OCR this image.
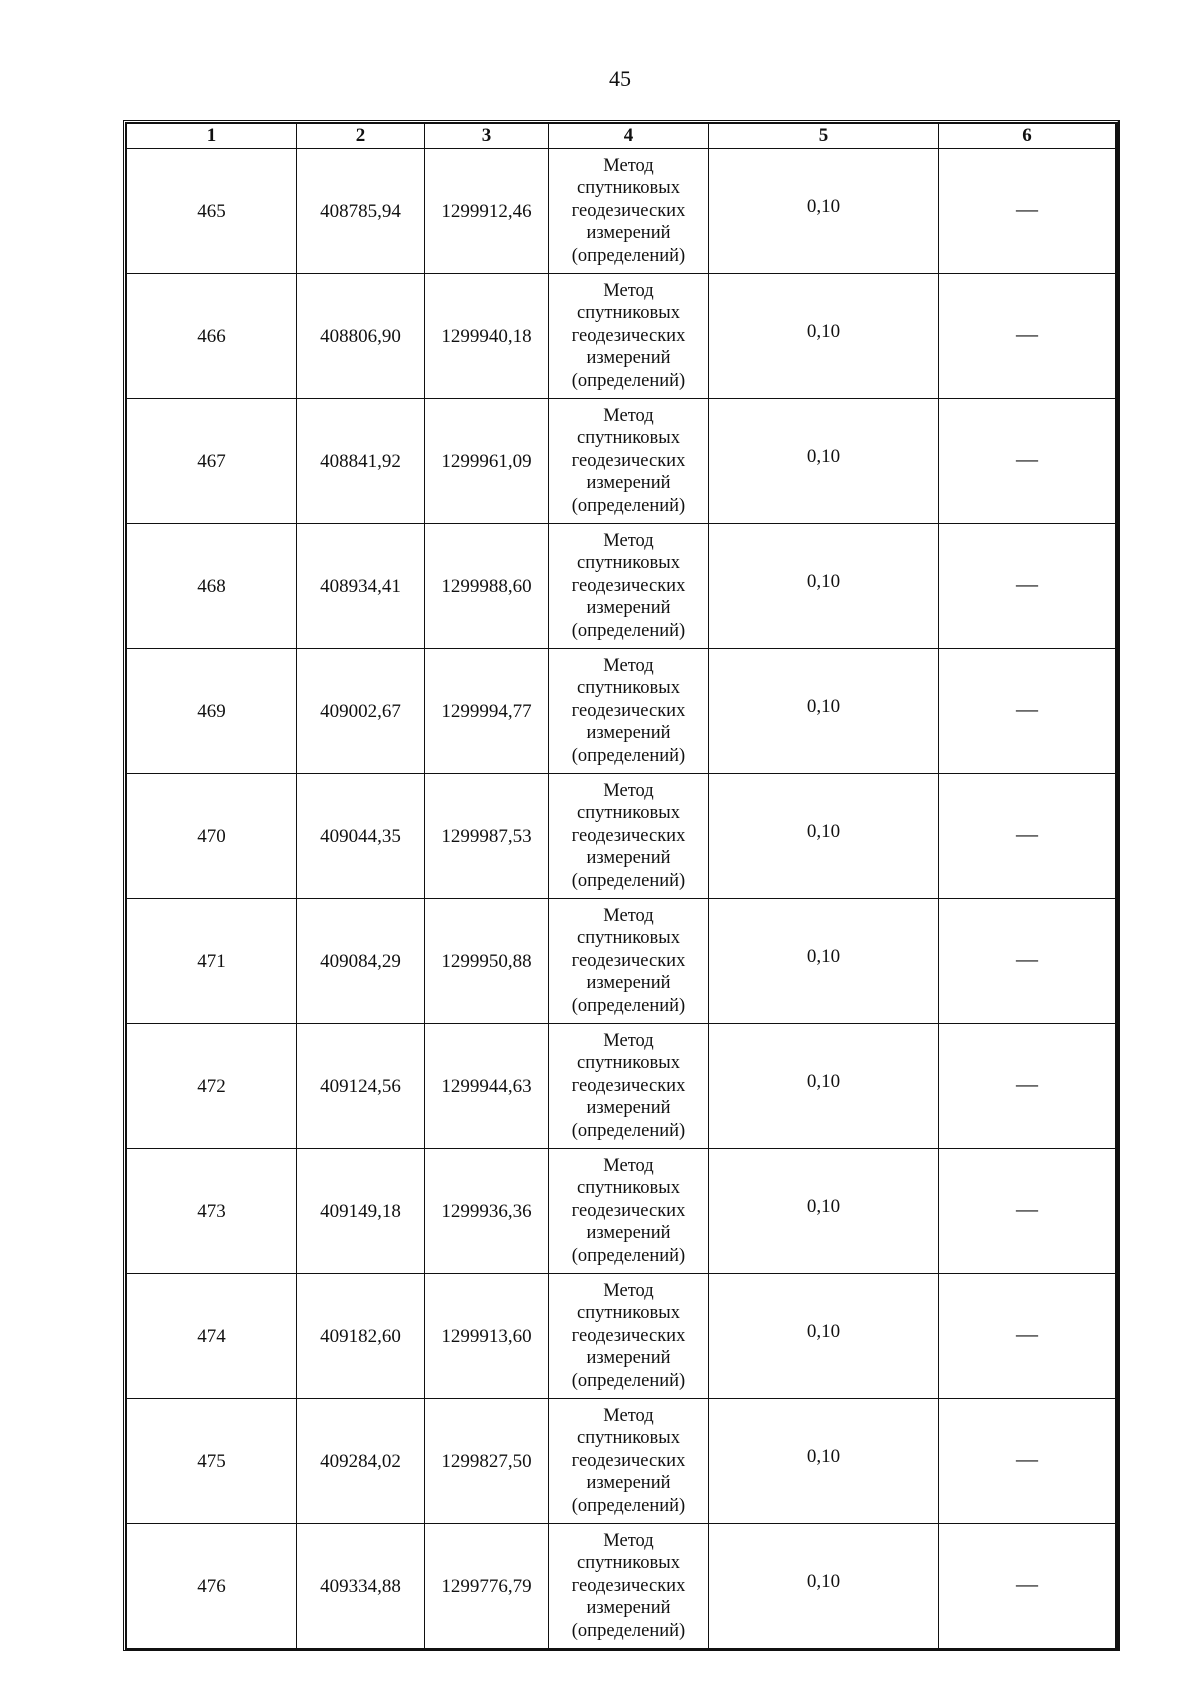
45
1	2	3	4	5	6
465	408785,94	1299912,46	Метод
спутниковых
геодезических
измерений
(определений)	0,10	—
466	408806,90	1299940,18	Метод
спутниковых
геодезических
измерений
(определений)	0,10	—
467	408841,92	1299961,09	Метод
спутниковых
геодезических
измерений
(определений)	0,10	—
468	408934,41	1299988,60	Метод
спутниковых
геодезических
измерений
(определений)	0,10	—
469	409002,67	1299994,77	Метод
спутниковых
геодезических
измерений
(определений)	0,10	—
470	409044,35	1299987,53	Метод
спутниковых
геодезических
измерений
(определений)	0,10	—
471	409084,29	1299950,88	Метод
спутниковых
геодезических
измерений
(определений)	0,10	—
472	409124,56	1299944,63	Метод
спутниковых
геодезических
измерений
(определений)	0,10	—
473	409149,18	1299936,36	Метод
спутниковых
геодезических
измерений
(определений)	0,10	—
474	409182,60	1299913,60	Метод
спутниковых
геодезических
измерений
(определений)	0,10	—
475	409284,02	1299827,50	Метод
спутниковых
геодезических
измерений
(определений)	0,10	—
476	409334,88	1299776,79	Метод
спутниковых
геодезических
измерений
(определений)	0,10	—
